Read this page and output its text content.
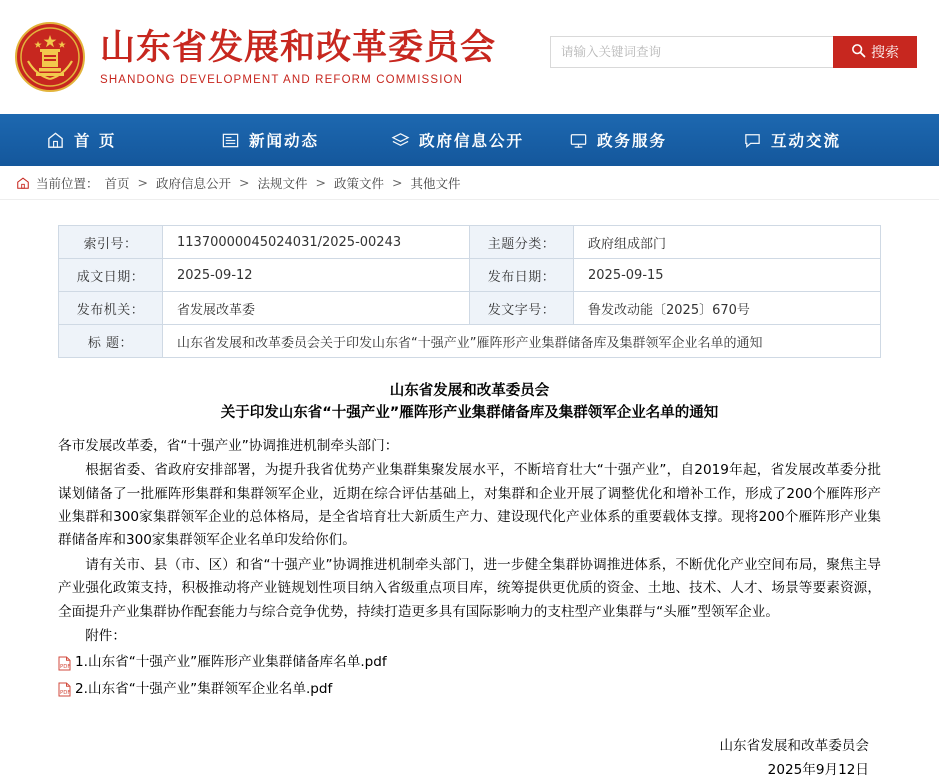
山东省发展和改革委员会
SHANDONG DEVELOPMENT AND REFORM COMMISSION
请输入关键词查询
搜索
首 页	新闻动态	政府信息公开	政务服务	互动交流
当前位置： 首页 > 政府信息公开 > 法规文件 > 政策文件 > 其他文件
索引号：	11370000045024031/2025-00243	主题分类：	政府组成部门
成文日期：	2025-09-12	发布日期：	2025-09-15
发布机关：	省发展改革委	发文字号：	鲁发改动能〔2025〕670号
标 题：	山东省发展和改革委员会关于印发山东省“十强产业”雁阵形产业集群储备库及集群领军企业名单的通知		
山东省发展和改革委员会
关于印发山东省“十强产业”雁阵形产业集群储备库及集群领军企业名单的通知

各市发展改革委，省“十强产业”协调推进机制牵头部门：

根据省委、省政府安排部署，为提升我省优势产业集群集聚发展水平，不断培育壮大“十强产业”，自2019年起，省发展改革委分批谋划储备了一批雁阵形集群和集群领军企业，近期在综合评估基础上，对集群和企业开展了调整优化和增补工作，形成了200个雁阵形产业集群和300家集群领军企业的总体格局，是全省培育壮大新质生产力、建设现代化产业体系的重要载体支撑。现将200个雁阵形产业集群储备库和300家集群领军企业名单印发给你们。

请有关市、县（市、区）和省“十强产业”协调推进机制牵头部门，进一步健全集群协调推进体系，不断优化产业空间布局，聚焦主导产业强化政策支持，积极推动将产业链规划性项目纳入省级重点项目库，统筹提供更优质的资金、土地、技术、人才、场景等要素资源，全面提升产业集群协作配套能力与综合竞争优势，持续打造更多具有国际影响力的支柱型产业集群与“头雁”型领军企业。

附件：

PDF 1.山东省“十强产业”雁阵形产业集群储备库名单.pdf
PDF 2.山东省“十强产业”集群领军企业名单.pdf
山东省发展和改革委员会
2025年9月12日
